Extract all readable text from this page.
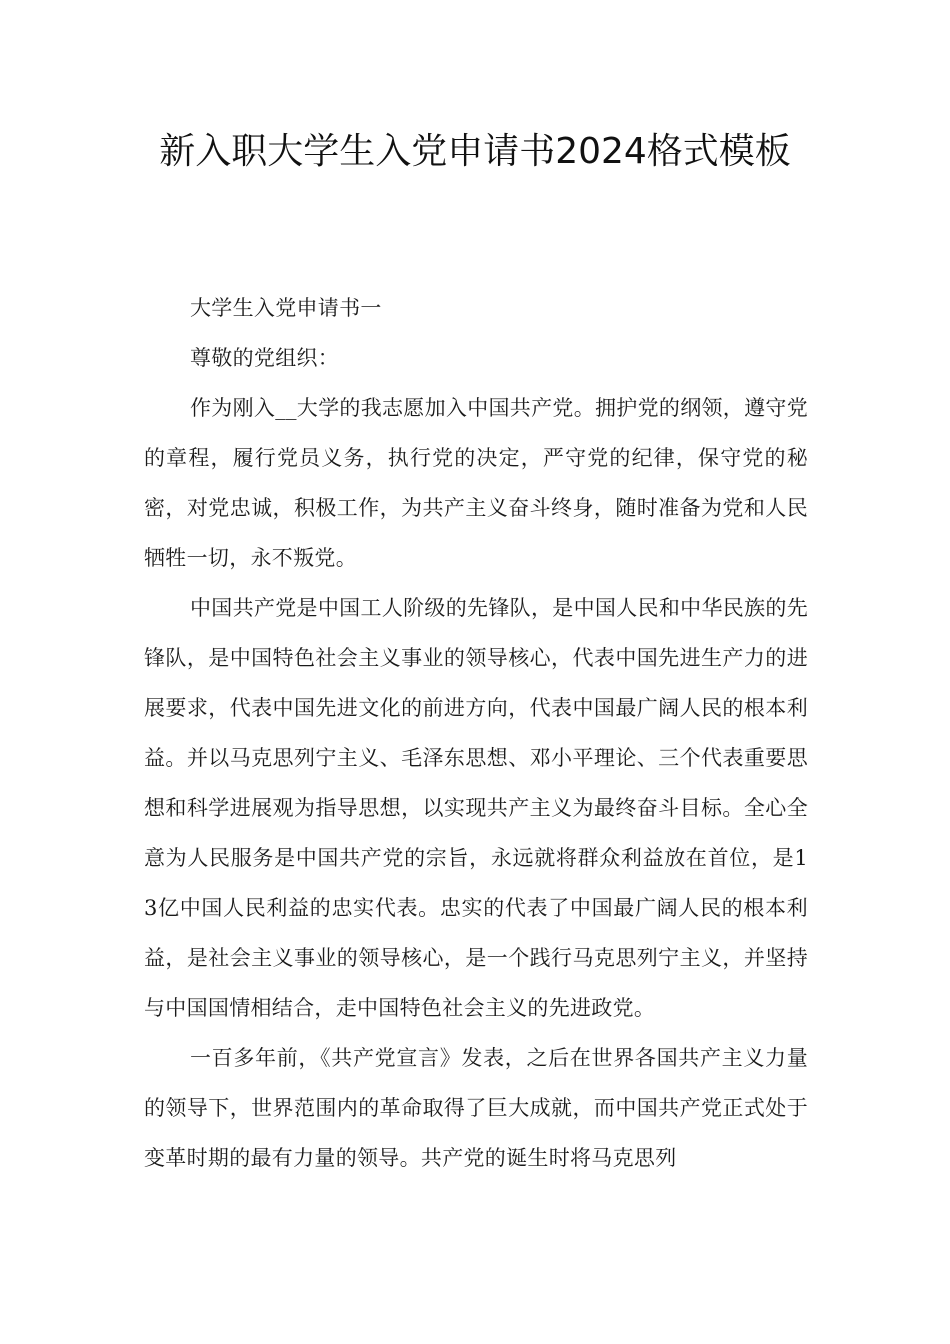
新入职大学生入党申请书2024格式模板

大学生入党申请书一

尊敬的党组织：

作为刚入__大学的我志愿加入中国共产党。拥护党的纲领，遵守党的章程，履行党员义务，执行党的决定，严守党的纪律，保守党的秘密，对党忠诚，积极工作，为共产主义奋斗终身，随时准备为党和人民牺牲一切，永不叛党。

中国共产党是中国工人阶级的先锋队，是中国人民和中华民族的先锋队，是中国特色社会主义事业的领导核心，代表中国先进生产力的进展要求，代表中国先进文化的前进方向，代表中国最广阔人民的根本利益。并以马克思列宁主义、毛泽东思想、邓小平理论、三个代表重要思想和科学进展观为指导思想，以实现共产主义为最终奋斗目标。全心全意为人民服务是中国共产党的宗旨，永远就将群众利益放在首位，是13亿中国人民利益的忠实代表。忠实的代表了中国最广阔人民的根本利益，是社会主义事业的领导核心，是一个践行马克思列宁主义，并坚持与中国国情相结合，走中国特色社会主义的先进政党。

一百多年前，《共产党宣言》发表，之后在世界各国共产主义力量的领导下，世界范围内的革命取得了巨大成就，而中国共产党正式处于变革时期的最有力量的领导。共产党的诞生时将马克思列
